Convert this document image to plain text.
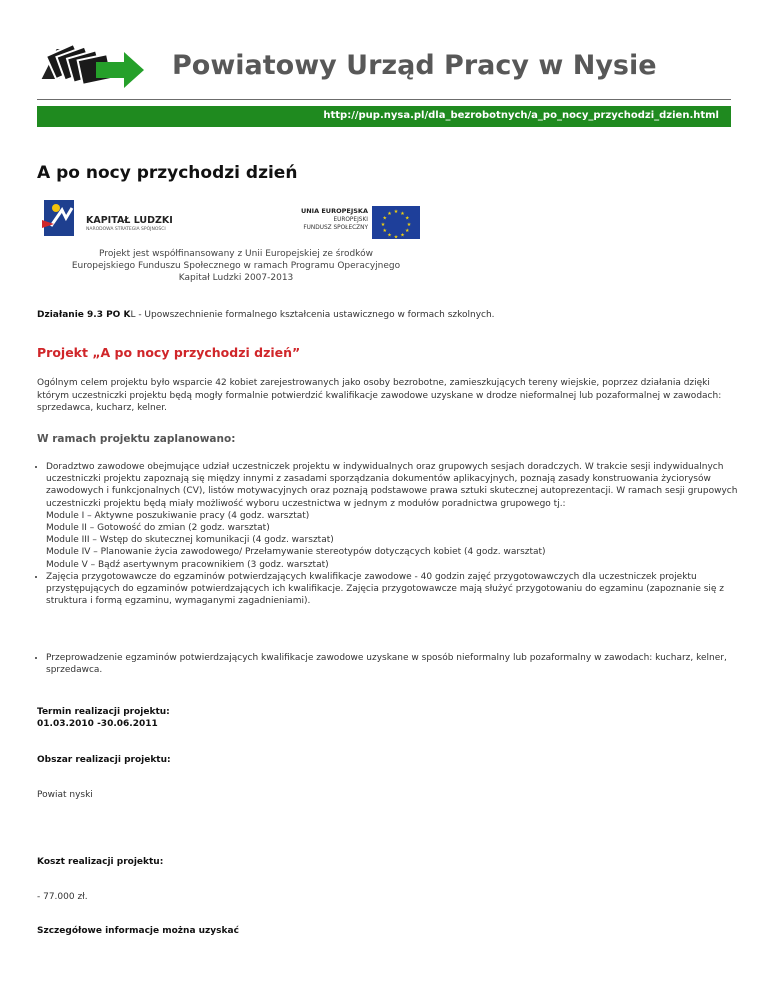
Powiatowy Urząd Pracy w Nysie
http://pup.nysa.pl/dla_bezrobotnych/a_po_nocy_przychodzi_dzien.html
A po nocy przychodzi dzień
KAPITAŁ LUDZKI
NARODOWA STRATEGIA SPÓJNOŚCI
UNIA EUROPEJSKA
EUROPEJSKI
FUNDUSZ SPOŁECZNY
★ ★
★
★
★
★
★
★
★
★
★
★
Projekt jest współfinansowany z Unii Europejskiej ze środków
Europejskiego Funduszu Społecznego w ramach Programu Operacyjnego
Kapitał Ludzki 2007-2013
Działanie 9.3 PO KL - Upowszechnienie formalnego kształcenia ustawicznego w formach szkolnych.
Projekt „A po nocy przychodzi dzień”

Ogólnym celem projektu było wsparcie 42 kobiet zarejestrowanych jako osoby bezrobotne, zamieszkujących tereny wiejskie, poprzez działania dzięki którym uczestniczki projektu będą mogły formalnie potwierdzić kwalifikacje zawodowe uzyskane w drodze nieformalnej lub pozaformalnej w zawodach: sprzedawca, kucharz, kelner.

W ramach projektu zaplanowano:
• Doradztwo zawodowe obejmujące udział uczestniczek projektu w indywidualnych oraz grupowych sesjach doradczych. W trakcie sesji indywidualnych uczestniczki projektu zapoznają się między innymi z zasadami sporządzania dokumentów aplikacyjnych, poznają zasady konstruowania życiorysów zawodowych i funkcjonalnych (CV), listów motywacyjnych oraz poznają podstawowe prawa sztuki skutecznej autoprezentacji. W ramach sesji grupowych uczestniczki projektu będą miały możliwość wyboru uczestnictwa w jednym z modułów poradnictwa grupowego tj.:
Module I – Aktywne poszukiwanie pracy (4 godz. warsztat)
Module II – Gotowość do zmian (2 godz. warsztat)
Module III – Wstęp do skutecznej komunikacji (4 godz. warsztat)
Module IV – Planowanie życia zawodowego/ Przełamywanie stereotypów dotyczących kobiet (4 godz. warsztat)
Module V – Bądź asertywnym pracownikiem (3 godz. warsztat)
• Zajęcia przygotowawcze do egzaminów potwierdzających kwalifikacje zawodowe - 40 godzin zajęć przygotowawczych dla uczestniczek projektu przystępujących do egzaminów potwierdzających ich kwalifikacje. Zajęcia przygotowawcze mają służyć przygotowaniu do egzaminu (zapoznanie się z struktura i formą egzaminu, wymaganymi zagadnieniami).
• Przeprowadzenie egzaminów potwierdzających kwalifikacje zawodowe uzyskane w sposób nieformalny lub pozaformalny w zawodach: kucharz, kelner, sprzedawca.

Termin realizacji projektu:

01.03.2010 -30.06.2011

Obszar realizacji projektu:

Powiat nyski

Koszt realizacji projektu:

- 77.000 zł.

Szczegółowe informacje można uzyskać
